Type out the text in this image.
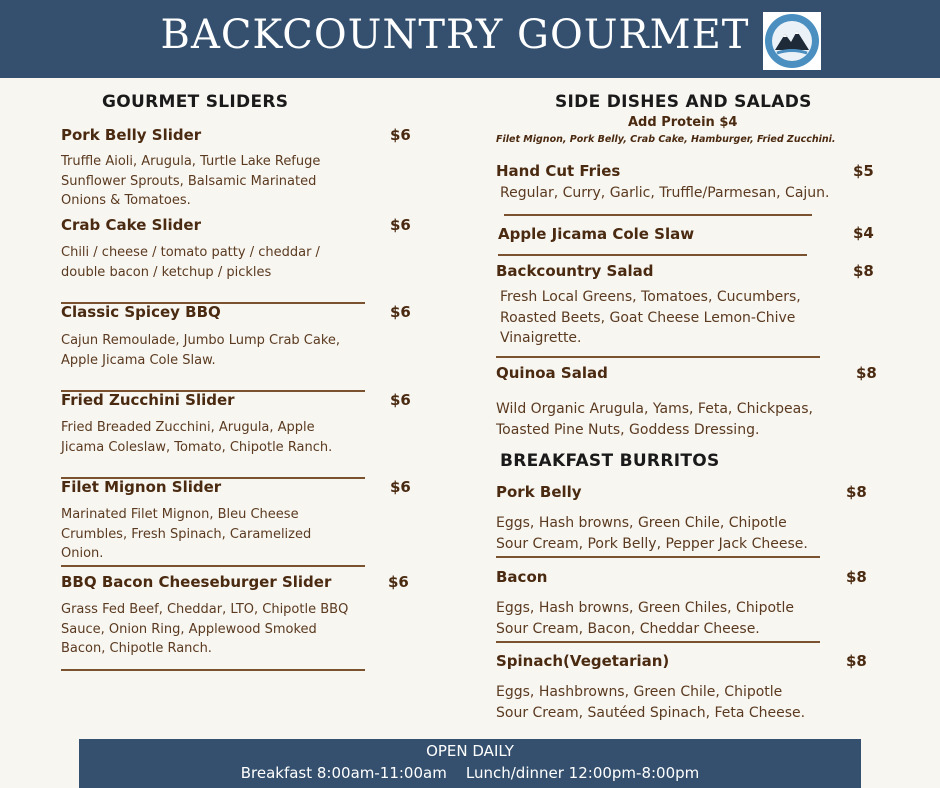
BACKCOUNTRY GOURMET
GOURMET SLIDERS
Pork Belly Slider	$6
Truffle Aioli, Arugula, Turtle Lake Refuge
Sunflower Sprouts, Balsamic Marinated
Onions & Tomatoes.
Crab Cake Slider	$6
Chili / cheese / tomato patty / cheddar /
double bacon / ketchup / pickles
Classic Spicey BBQ	$6
Cajun Remoulade, Jumbo Lump Crab Cake,
Apple Jicama Cole Slaw.
Fried Zucchini Slider	$6
Fried Breaded Zucchini, Arugula, Apple
Jicama Coleslaw, Tomato, Chipotle Ranch.
Filet Mignon Slider	$6
Marinated Filet Mignon, Bleu Cheese
Crumbles, Fresh Spinach, Caramelized
Onion.
BBQ Bacon Cheeseburger Slider	$6
Grass Fed Beef, Cheddar, LTO, Chipotle BBQ
Sauce, Onion Ring, Applewood Smoked
Bacon, Chipotle Ranch.
SIDE DISHES AND SALADS
Add Protein $4
Filet Mignon, Pork Belly, Crab Cake, Hamburger, Fried Zucchini.
Hand Cut Fries	$5
Regular, Curry, Garlic, Truffle/Parmesan, Cajun.
Apple Jicama Cole Slaw	$4
Backcountry Salad	$8
Fresh Local Greens, Tomatoes, Cucumbers,
Roasted Beets, Goat Cheese Lemon-Chive
Vinaigrette.
Quinoa Salad	$8
Wild Organic Arugula, Yams, Feta, Chickpeas,
Toasted Pine Nuts, Goddess Dressing.
BREAKFAST BURRITOS
Pork Belly	$8
Eggs, Hash browns, Green Chile, Chipotle
Sour Cream, Pork Belly, Pepper Jack Cheese.
Bacon	$8
Eggs, Hash browns, Green Chiles, Chipotle
Sour Cream, Bacon, Cheddar Cheese.
Spinach(Vegetarian)	$8
Eggs, Hashbrowns, Green Chile, Chipotle
Sour Cream, Sautéed Spinach, Feta Cheese.
OPEN DAILY
Breakfast 8:00am-11:00am    Lunch/dinner 12:00pm-8:00pm
